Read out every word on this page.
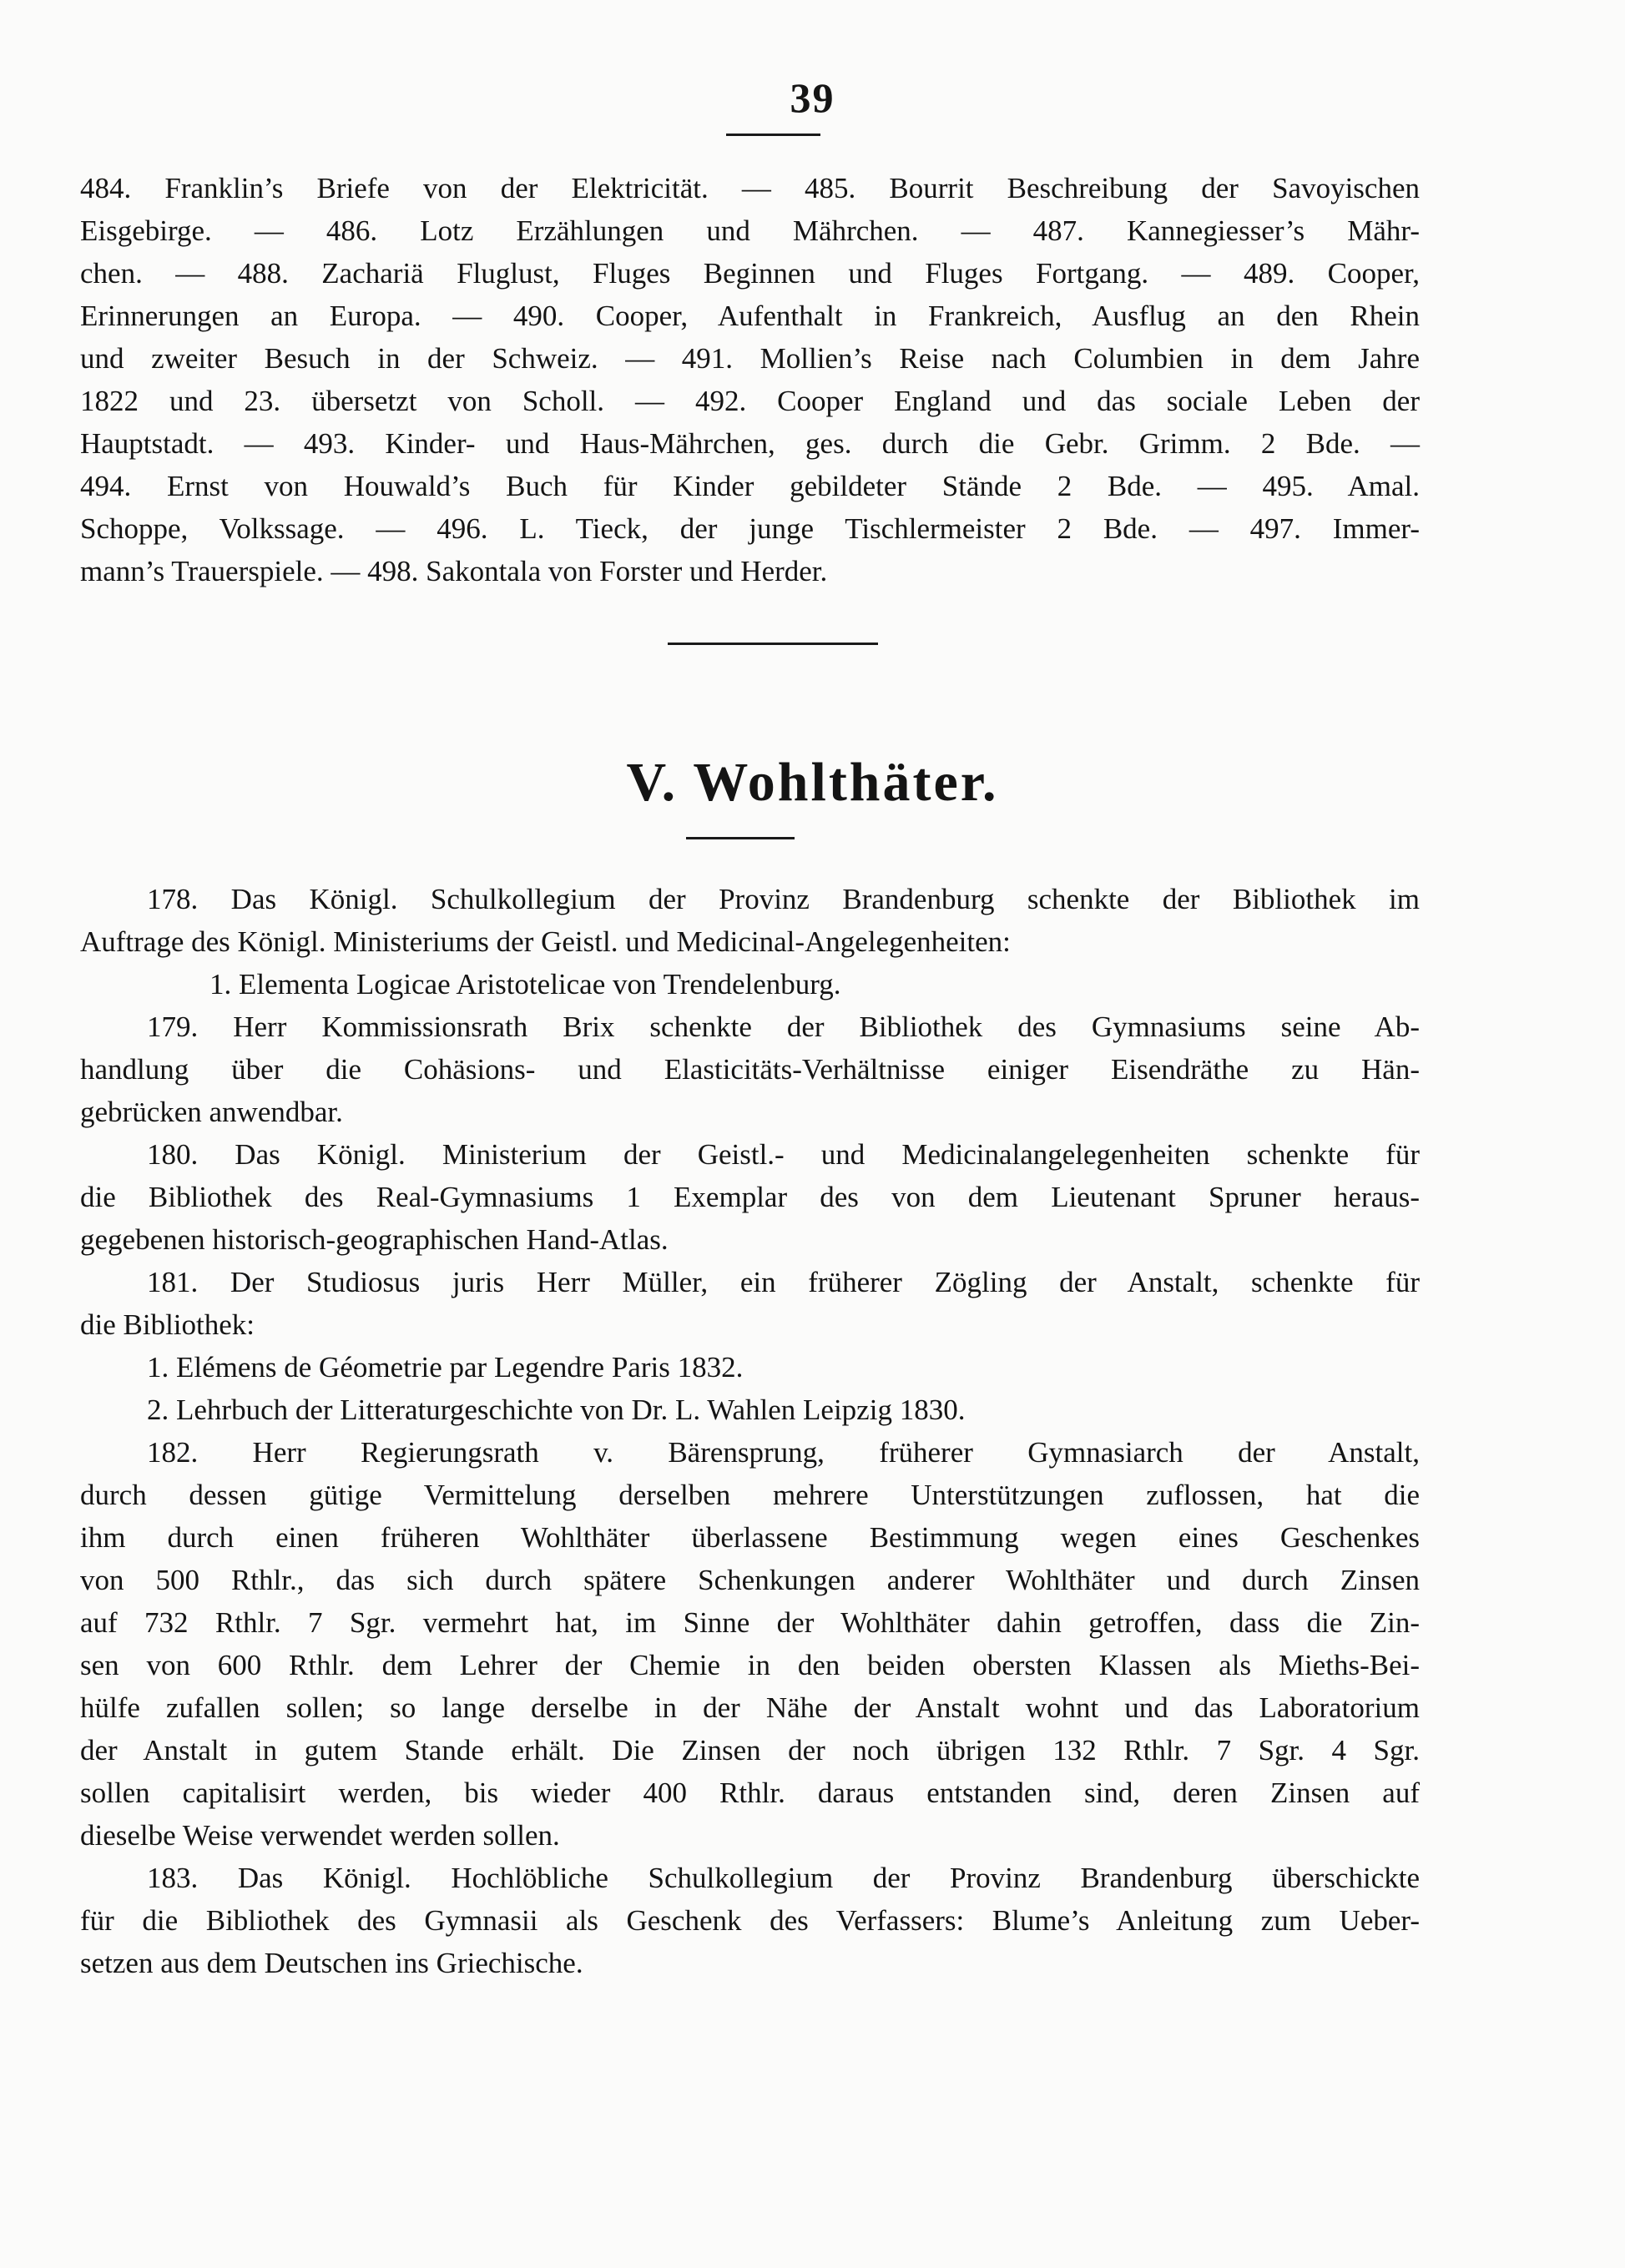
39
484. Franklin’s Briefe von der Elektricität. — 485. Bourrit Beschreibung der Savoyischen
Eisgebirge. — 486. Lotz Erzählungen und Mährchen. — 487. Kannegiesser’s Mähr-
chen. — 488. Zachariä Fluglust, Fluges Beginnen und Fluges Fortgang. — 489. Cooper,
Erinnerungen an Europa. — 490. Cooper, Aufenthalt in Frankreich, Ausflug an den Rhein
und zweiter Besuch in der Schweiz. — 491. Mollien’s Reise nach Columbien in dem Jahre
1822 und 23. übersetzt von Scholl. — 492. Cooper England und das sociale Leben der
Hauptstadt. — 493. Kinder- und Haus-Mährchen, ges. durch die Gebr. Grimm. 2 Bde. —
494. Ernst von Houwald’s Buch für Kinder gebildeter Stände 2 Bde. — 495. Amal.
Schoppe, Volkssage. — 496. L. Tieck, der junge Tischlermeister 2 Bde. — 497. Immer-
mann’s Trauerspiele. — 498. Sakontala von Forster und Herder.
V. Wohlthäter.
178. Das Königl. Schulkollegium der Provinz Brandenburg schenkte der Bibliothek im
Auftrage des Königl. Ministeriums der Geistl. und Medicinal-Angelegenheiten:
1. Elementa Logicae Aristotelicae von Trendelenburg.
179. Herr Kommissionsrath Brix schenkte der Bibliothek des Gymnasiums seine Ab-
handlung über die Cohäsions- und Elasticitäts-Verhältnisse einiger Eisendräthe zu Hän-
gebrücken anwendbar.
180. Das Königl. Ministerium der Geistl.- und Medicinalangelegenheiten schenkte für
die Bibliothek des Real-Gymnasiums 1 Exemplar des von dem Lieutenant Spruner heraus-
gegebenen historisch-geographischen Hand-Atlas.
181. Der Studiosus juris Herr Müller, ein früherer Zögling der Anstalt, schenkte für
die Bibliothek:
1. Elémens de Géometrie par Legendre Paris 1832.
2. Lehrbuch der Litteraturgeschichte von Dr. L. Wahlen Leipzig 1830.
182. Herr Regierungsrath v. Bärensprung, früherer Gymnasiarch der Anstalt,
durch dessen gütige Vermittelung derselben mehrere Unterstützungen zuflossen, hat die
ihm durch einen früheren Wohlthäter überlassene Bestimmung wegen eines Geschenkes
von 500 Rthlr., das sich durch spätere Schenkungen anderer Wohlthäter und durch Zinsen
auf 732 Rthlr. 7 Sgr. vermehrt hat, im Sinne der Wohlthäter dahin getroffen, dass die Zin-
sen von 600 Rthlr. dem Lehrer der Chemie in den beiden obersten Klassen als Mieths-Bei-
hülfe zufallen sollen; so lange derselbe in der Nähe der Anstalt wohnt und das Laboratorium
der Anstalt in gutem Stande erhält. Die Zinsen der noch übrigen 132 Rthlr. 7 Sgr. 4 Sgr.
sollen capitalisirt werden, bis wieder 400 Rthlr. daraus entstanden sind, deren Zinsen auf
dieselbe Weise verwendet werden sollen.
183. Das Königl. Hochlöbliche Schulkollegium der Provinz Brandenburg überschickte
für die Bibliothek des Gymnasii als Geschenk des Verfassers: Blume’s Anleitung zum Ueber-
setzen aus dem Deutschen ins Griechische.
